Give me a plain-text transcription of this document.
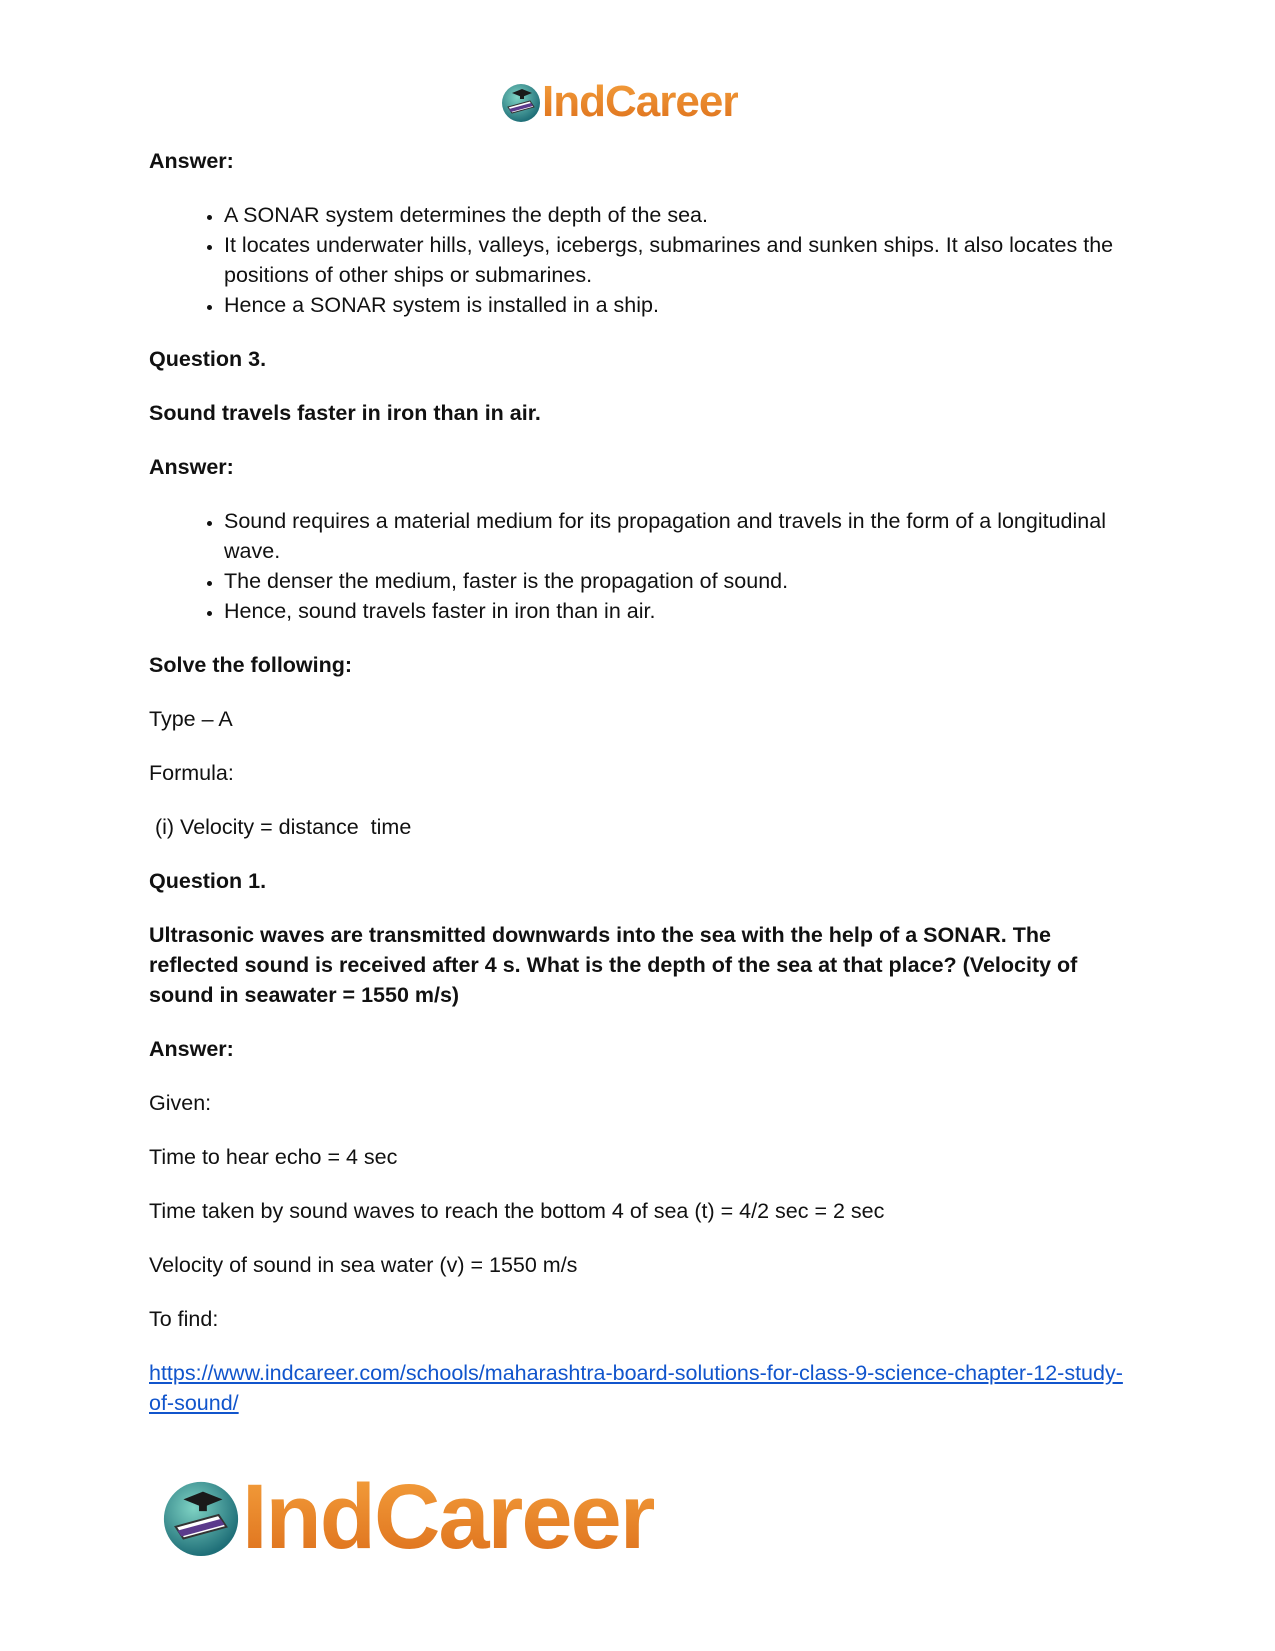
IndCareer
Answer:
• A SONAR system determines the depth of the sea.
• It locates underwater hills, valleys, icebergs, submarines and sunken ships. It also locates the positions of other ships or submarines.
• Hence a SONAR system is installed in a ship.
Question 3.
Sound travels faster in iron than in air.
Answer:
• Sound requires a material medium for its propagation and travels in the form of a longitudinal wave.
• The denser the medium, faster is the propagation of sound.
• Hence, sound travels faster in iron than in air.
Solve the following:
Type – A
Formula:
(i) Velocity = distance  time
Question 1.
Ultrasonic waves are transmitted downwards into the sea with the help of a SONAR. The reflected sound is received after 4 s. What is the depth of the sea at that place? (Velocity of sound in seawater = 1550 m/s)
Answer:
Given:
Time to hear echo = 4 sec
Time taken by sound waves to reach the bottom 4 of sea (t) = 4/2 sec = 2 sec
Velocity of sound in sea water (v) = 1550 m/s
To find:
https://www.indcareer.com/schools/maharashtra-board-solutions-for-class-9-science-chapter-12-study-of-sound/
IndCareer
